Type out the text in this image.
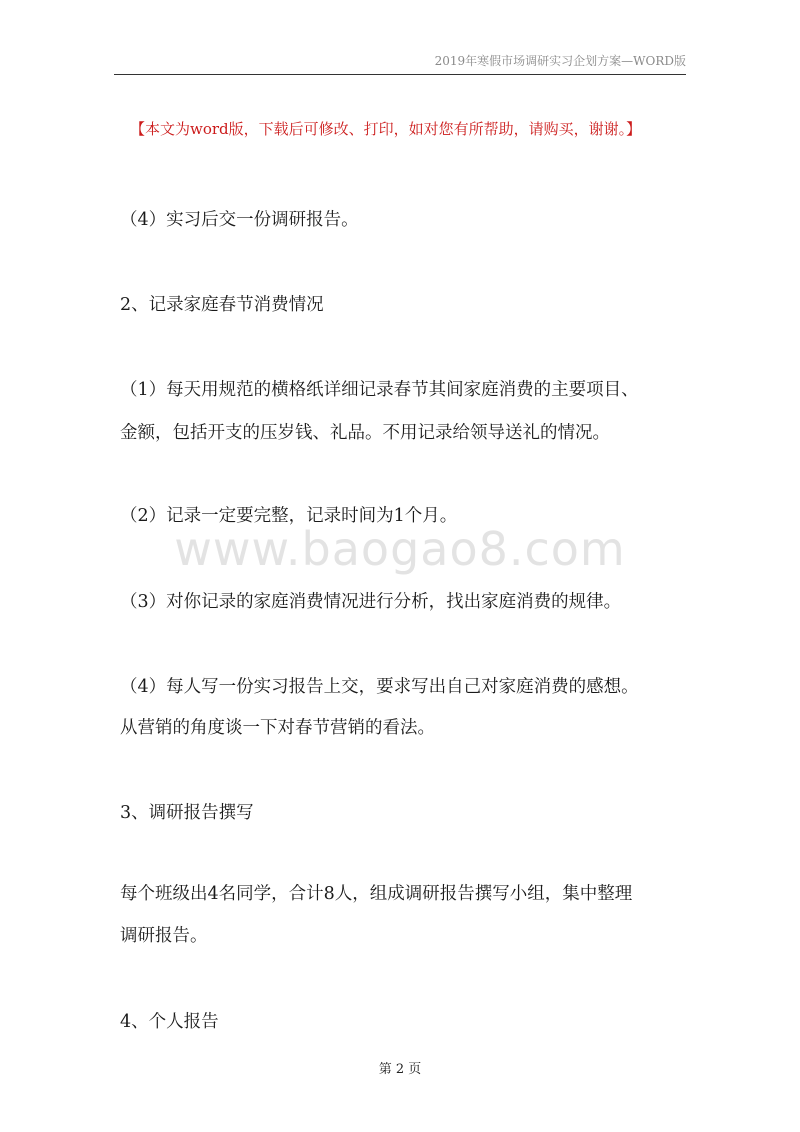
2019年寒假市场调研实习企划方案—WORD版
【本文为word版，下载后可修改、打印，如对您有所帮助，请购买，谢谢。】
www.baogao8.com
（4）实习后交一份调研报告。
2、记录家庭春节消费情况
（1）每天用规范的横格纸详细记录春节其间家庭消费的主要项目、
金额，包括开支的压岁钱、礼品。不用记录给领导送礼的情况。
（2）记录一定要完整，记录时间为1个月。
（3）对你记录的家庭消费情况进行分析，找出家庭消费的规律。
（4）每人写一份实习报告上交，要求写出自己对家庭消费的感想。
从营销的角度谈一下对春节营销的看法。
3、调研报告撰写
每个班级出4名同学，合计8人，组成调研报告撰写小组，集中整理
调研报告。
4、个人报告
第 2 页
